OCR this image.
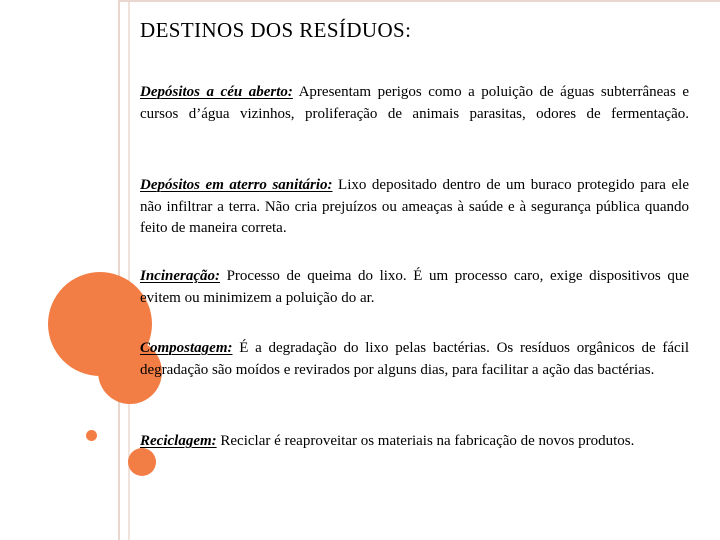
DESTINOS DOS RESÍDUOS:
Depósitos a céu aberto: Apresentam perigos como a poluição de águas subterrâneas e cursos d’água vizinhos, proliferação de animais parasitas, odores de fermentação.
Depósitos em aterro sanitário: Lixo depositado dentro de um buraco protegido para ele não infiltrar a terra. Não cria prejuízos ou ameaças à saúde e à segurança pública quando feito de maneira correta.
Incineração: Processo de queima do lixo. É um processo caro, exige dispositivos que evitem ou minimizem a poluição do ar.
Compostagem: É a degradação do lixo pelas bactérias. Os resíduos orgânicos de fácil degradação são moídos e revirados por alguns dias, para facilitar a ação das bactérias.
Reciclagem: Reciclar é reaproveitar os materiais na fabricação de novos produtos.
